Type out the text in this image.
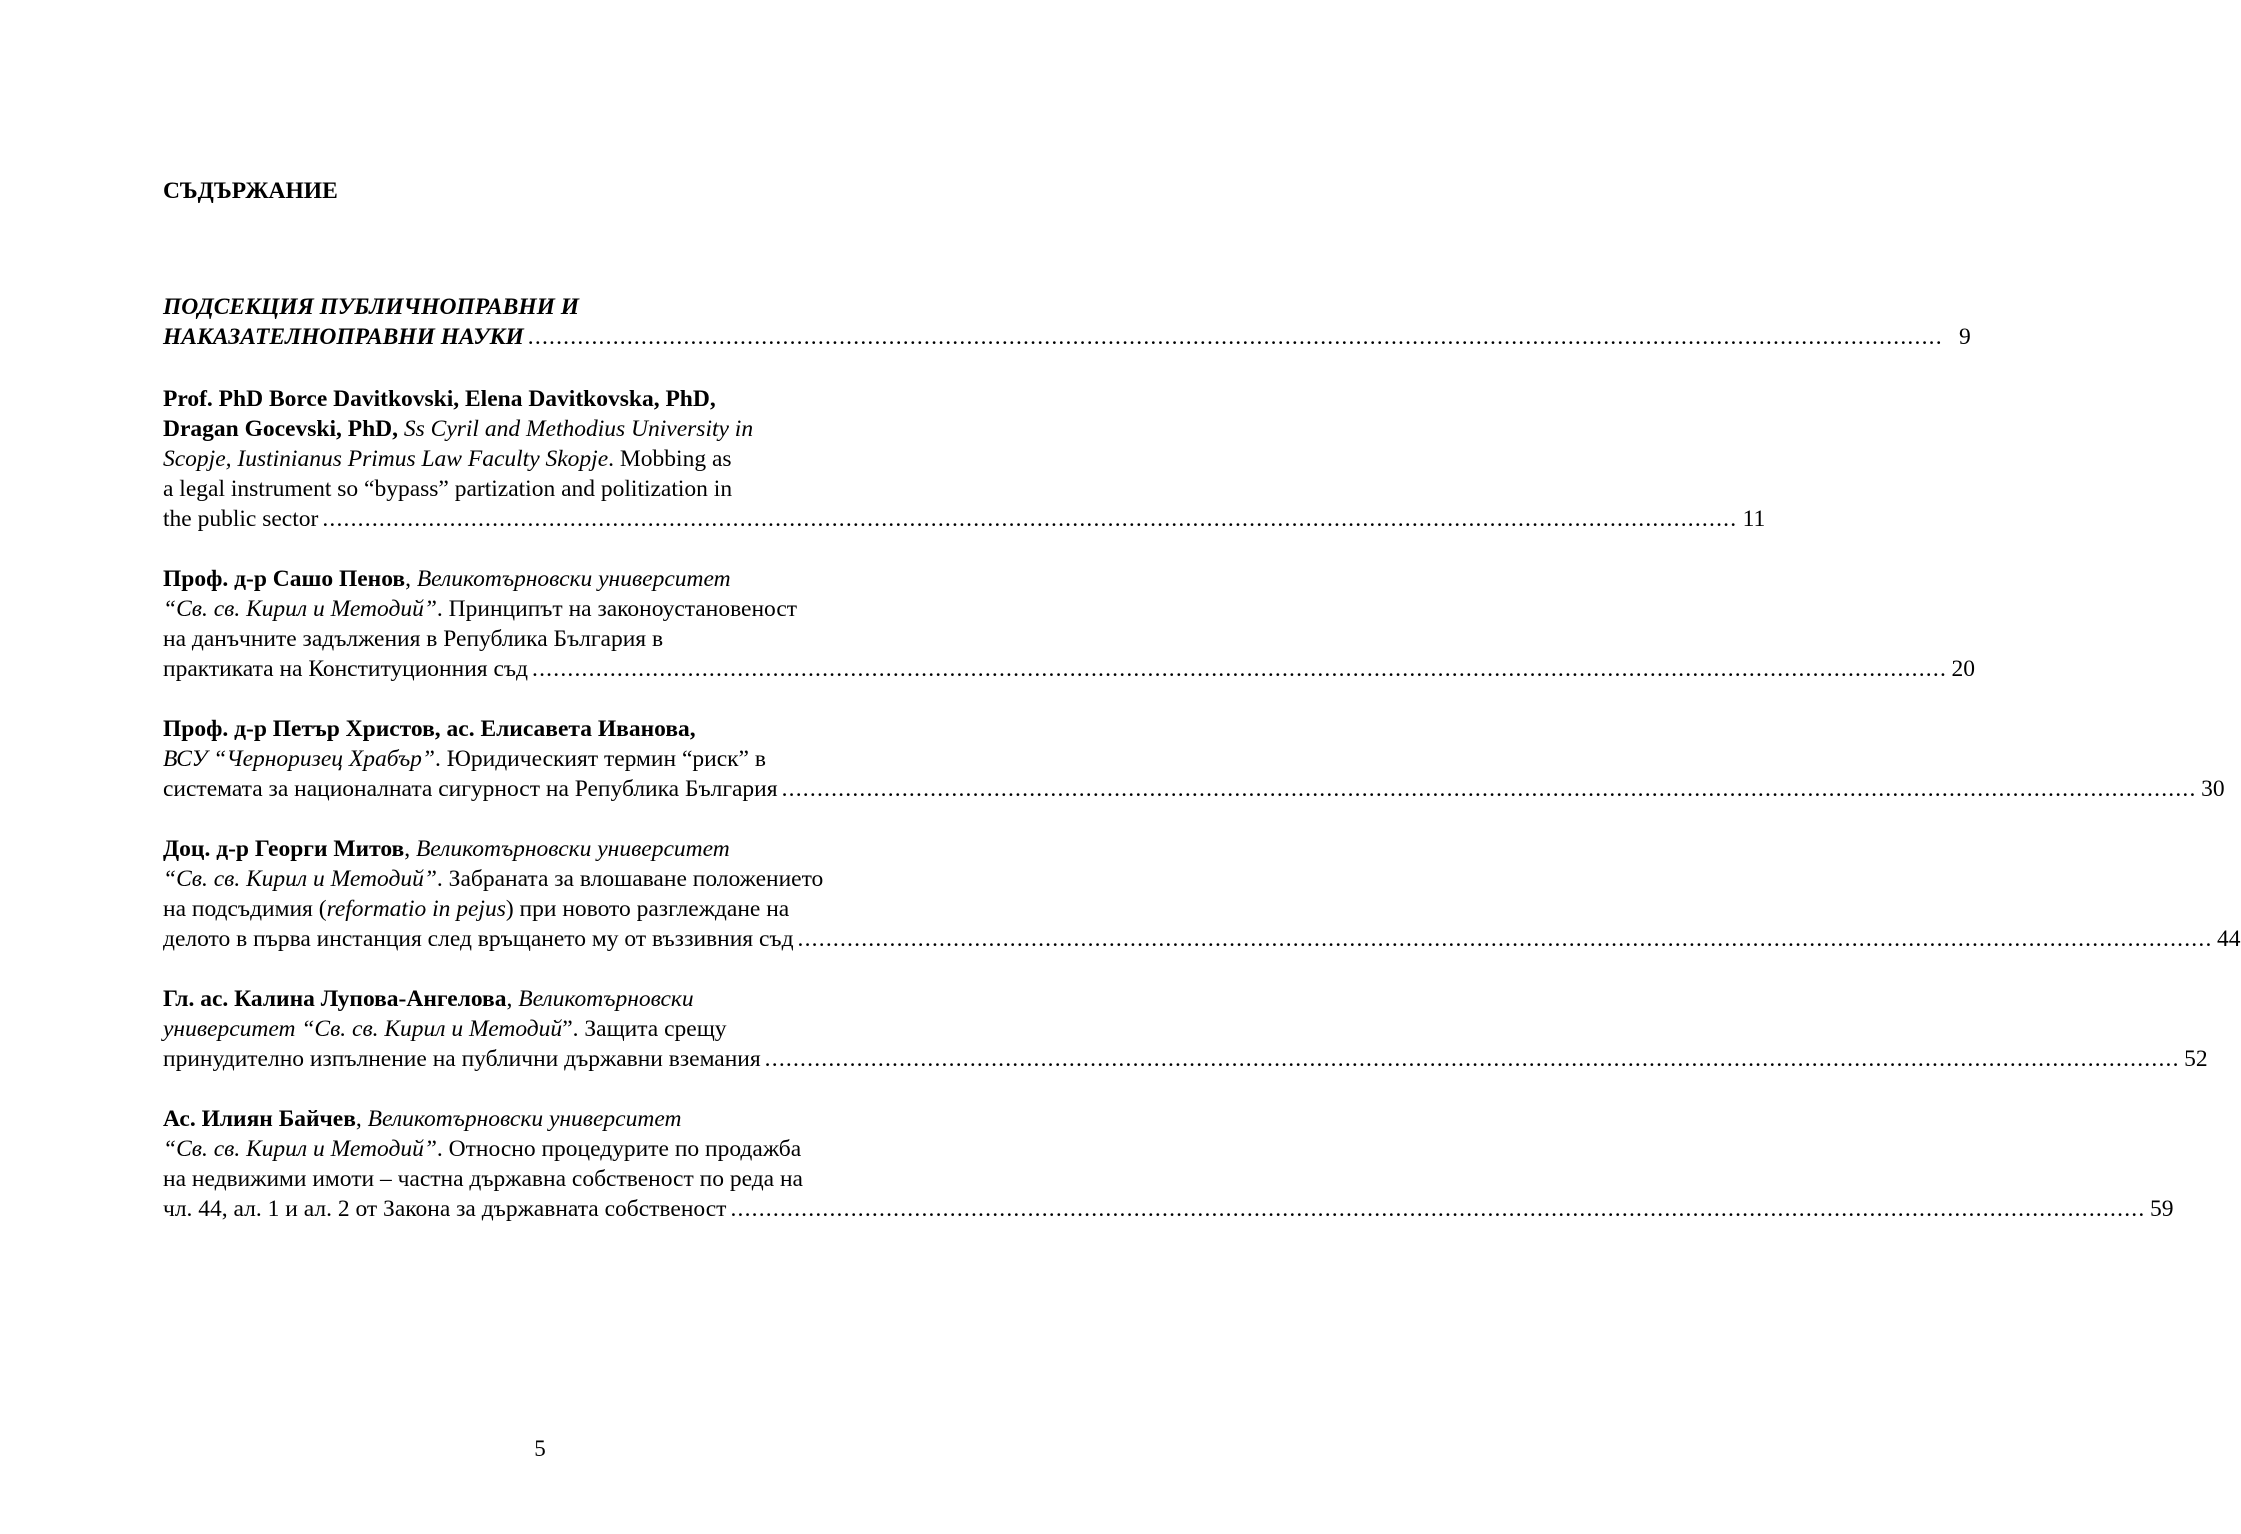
СЪДЪРЖАНИЕ
ПОДСЕКЦИЯ ПУБЛИЧНОПРАВНИ И
НАКАЗАТЕЛНОПРАВНИ НАУКИ ........................................................................................................................................................................................................ 9
Prof. PhD Borce Davitkovski, Elena Davitkovska, PhD,
Dragan Gocevski, PhD, Ss Cyril and Methodius University in
Scopje, Iustinianus Primus Law Faculty Skopje. Mobbing as
a legal instrument so “bypass” partization and politization in
the public sector ........................................................................................................................................................................................................ 11
Проф. д-р Сашо Пенов, Великотърновски университет
“Св. св. Кирил и Методий”. Принципът на законоустановеност
на данъчните задължения в Република България в
практиката на Конституционния съд ........................................................................................................................................................................................................ 20
Проф. д-р Петър Христов, ас. Елисавета Иванова,
ВСУ “Черноризец Храбър”. Юридическият термин “риск” в
системата за националната сигурност на Република България ........................................................................................................................................................................................................ 30
Доц. д-р Георги Митов, Великотърновски университет
“Св. св. Кирил и Методий”. Забраната за влошаване положението
на подсъдимия (reformatio in pejus) при новото разглеждане на
делото в първа инстанция след връщането му от въззивния съд ........................................................................................................................................................................................................ 44
Гл. ас. Калина Лупова-Ангелова, Великотърновски
университет “Св. св. Кирил и Методий”. Защита срещу
принудително изпълнение на публични държавни вземания ........................................................................................................................................................................................................ 52
Ас. Илиян Байчев, Великотърновски университет
“Св. св. Кирил и Методий”. Относно процедурите по продажба
на недвижими имоти – частна държавна собственост по реда на
чл. 44, ал. 1 и ал. 2 от Закона за държавната собственост ........................................................................................................................................................................................................ 59
5
